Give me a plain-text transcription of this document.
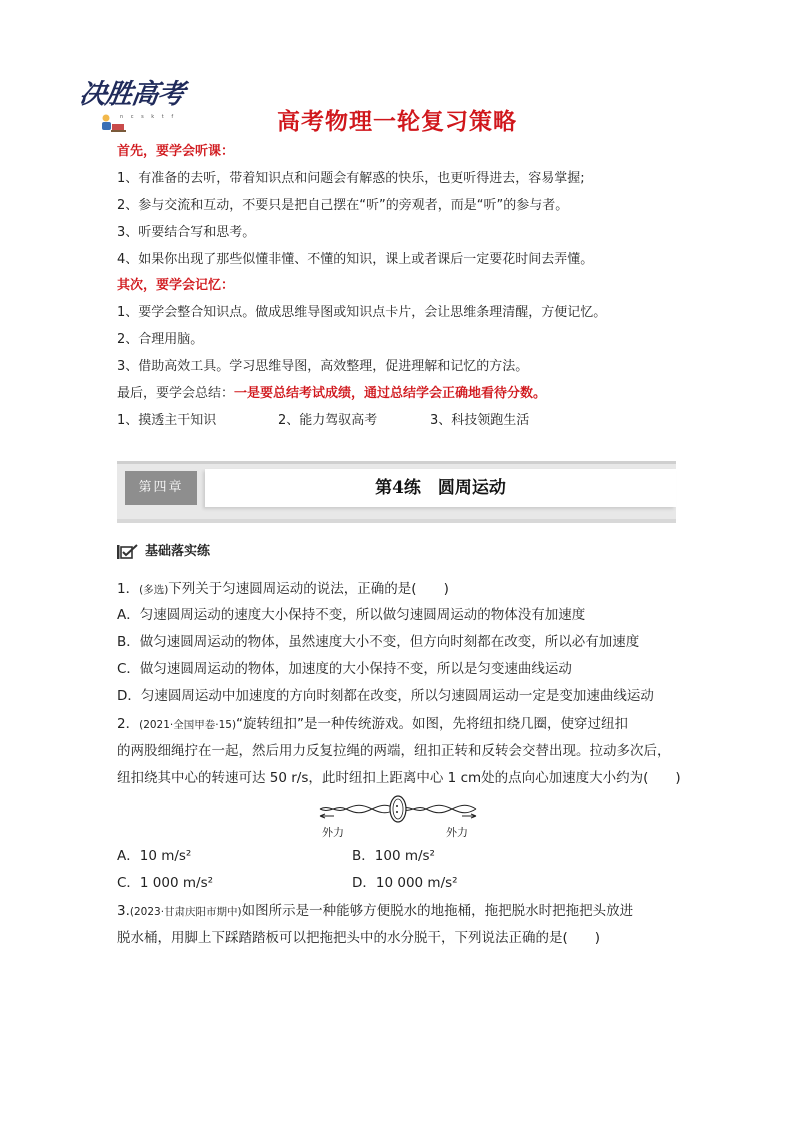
决胜高考
n c s k t f	高考物理一轮复习策略
首先，要学会听课：
1、有准备的去听，带着知识点和问题会有解惑的快乐，也更听得进去，容易掌握;
2、参与交流和互动，不要只是把自己摆在“听”的旁观者，而是“听”的参与者。
3、听要结合写和思考。
4、如果你出现了那些似懂非懂、不懂的知识，课上或者课后一定要花时间去弄懂。
其次，要学会记忆：
1、要学会整合知识点。做成思维导图或知识点卡片，会让思维条理清醒，方便记忆。
2、合理用脑。
3、借助高效工具。学习思维导图，高效整理，促进理解和记忆的方法。
最后，要学会总结：一是要总结考试成绩，通过总结学会正确地看待分数。
1、摸透主干知识	2、能力驾驭高考	3、科技领跑生活
第四章	第4练　圆周运动
基础落实练
1．(多选)下列关于匀速圆周运动的说法，正确的是(　　)
A．匀速圆周运动的速度大小保持不变，所以做匀速圆周运动的物体没有加速度
B．做匀速圆周运动的物体，虽然速度大小不变，但方向时刻都在改变，所以必有加速度
C．做匀速圆周运动的物体，加速度的大小保持不变，所以是匀变速曲线运动
D．匀速圆周运动中加速度的方向时刻都在改变，所以匀速圆周运动一定是变加速曲线运动
2．(2021·全国甲卷·15)“旋转纽扣”是一种传统游戏。如图，先将纽扣绕几圈，使穿过纽扣
的两股细绳拧在一起，然后用力反复拉绳的两端，纽扣正转和反转会交替出现。拉动多次后，
纽扣绕其中心的转速可达 50 r/s，此时纽扣上距离中心 1 cm处的点向心加速度大小约为(　　)
外力	外力
A．10 m/s²	B．100 m/s²
C．1 000 m/s²	D．10 000 m/s²
3.(2023·甘肃庆阳市期中)如图所示是一种能够方便脱水的地拖桶，拖把脱水时把拖把头放进
脱水桶，用脚上下踩踏踏板可以把拖把头中的水分脱干，下列说法正确的是(　　)
